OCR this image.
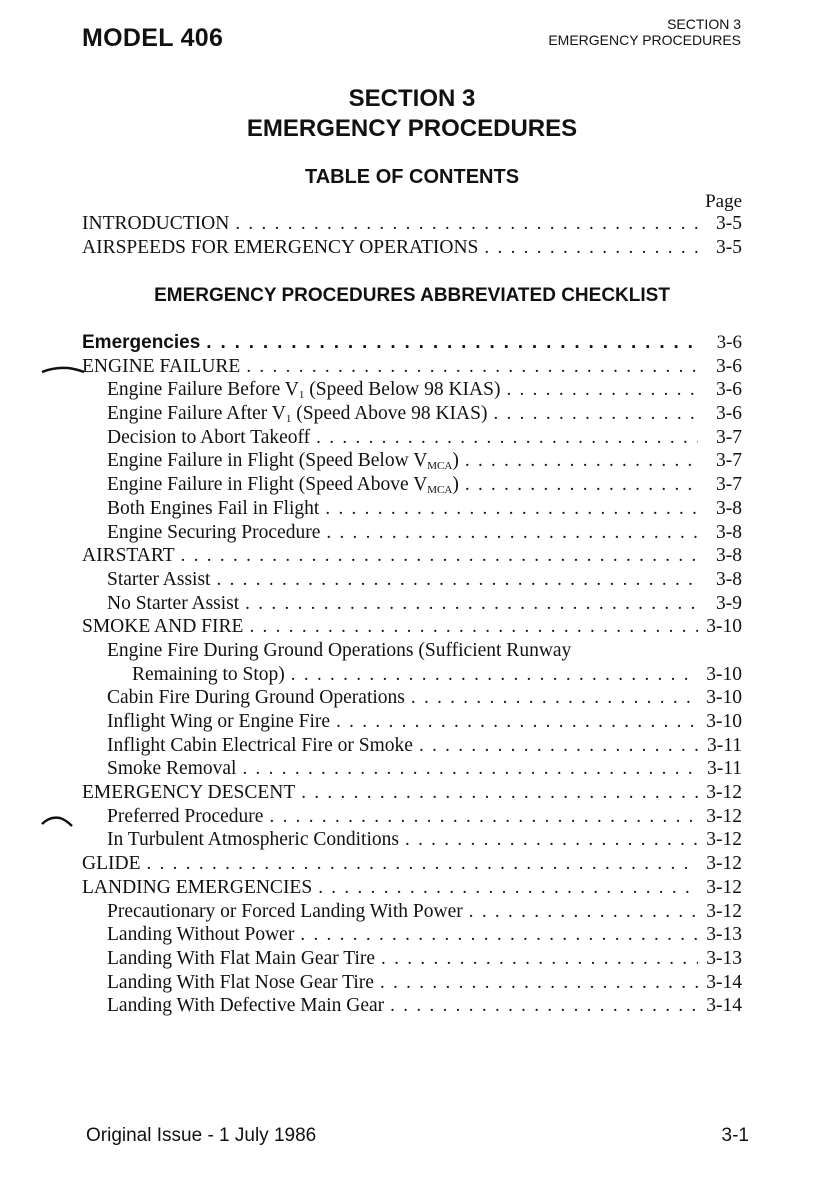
MODEL 406	SECTION 3
EMERGENCY PROCEDURES
SECTION 3
EMERGENCY PROCEDURES
TABLE OF CONTENTS
Page
INTRODUCTION . . .	3-5
AIRSPEEDS FOR EMERGENCY OPERATIONS . . .	3-5
EMERGENCY PROCEDURES ABBREVIATED CHECKLIST
Emergencies . . .	3-6
ENGINE FAILURE . . .	3-6
Engine Failure Before $V_1$ (Speed Below 98 KIAS) . . .	3-6
Engine Failure After $V_1$ (Speed Above 98 KIAS) . . .	3-6
Decision to Abort Takeoff . . .	3-7
Engine Failure in Flight (Speed Below $V_{MCA}$) . . .	3-7
Engine Failure in Flight (Speed Above $V_{MCA}$) . . .	3-7
Both Engines Fail in Flight . . .	3-8
Engine Securing Procedure . . .	3-8
AIRSTART . . .	3-8
Starter Assist . . .	3-8
No Starter Assist . . .	3-9
SMOKE AND FIRE . . .	3-10
Engine Fire During Ground Operations (Sufficient Runway
Remaining to Stop) . . .	3-10
Cabin Fire During Ground Operations . . .	3-10
Inflight Wing or Engine Fire . . .	3-10
Inflight Cabin Electrical Fire or Smoke . . .	3-11
Smoke Removal . . .	3-11
EMERGENCY DESCENT . . .	3-12
Preferred Procedure . . .	3-12
In Turbulent Atmospheric Conditions . . .	3-12
GLIDE . . .	3-12
LANDING EMERGENCIES . . .	3-12
Precautionary or Forced Landing With Power . . .	3-12
Landing Without Power . . .	3-13
Landing With Flat Main Gear Tire . . .	3-13
Landing With Flat Nose Gear Tire . . .	3-14
Landing With Defective Main Gear . . .	3-14
Original Issue - 1 July 1986	3-1
